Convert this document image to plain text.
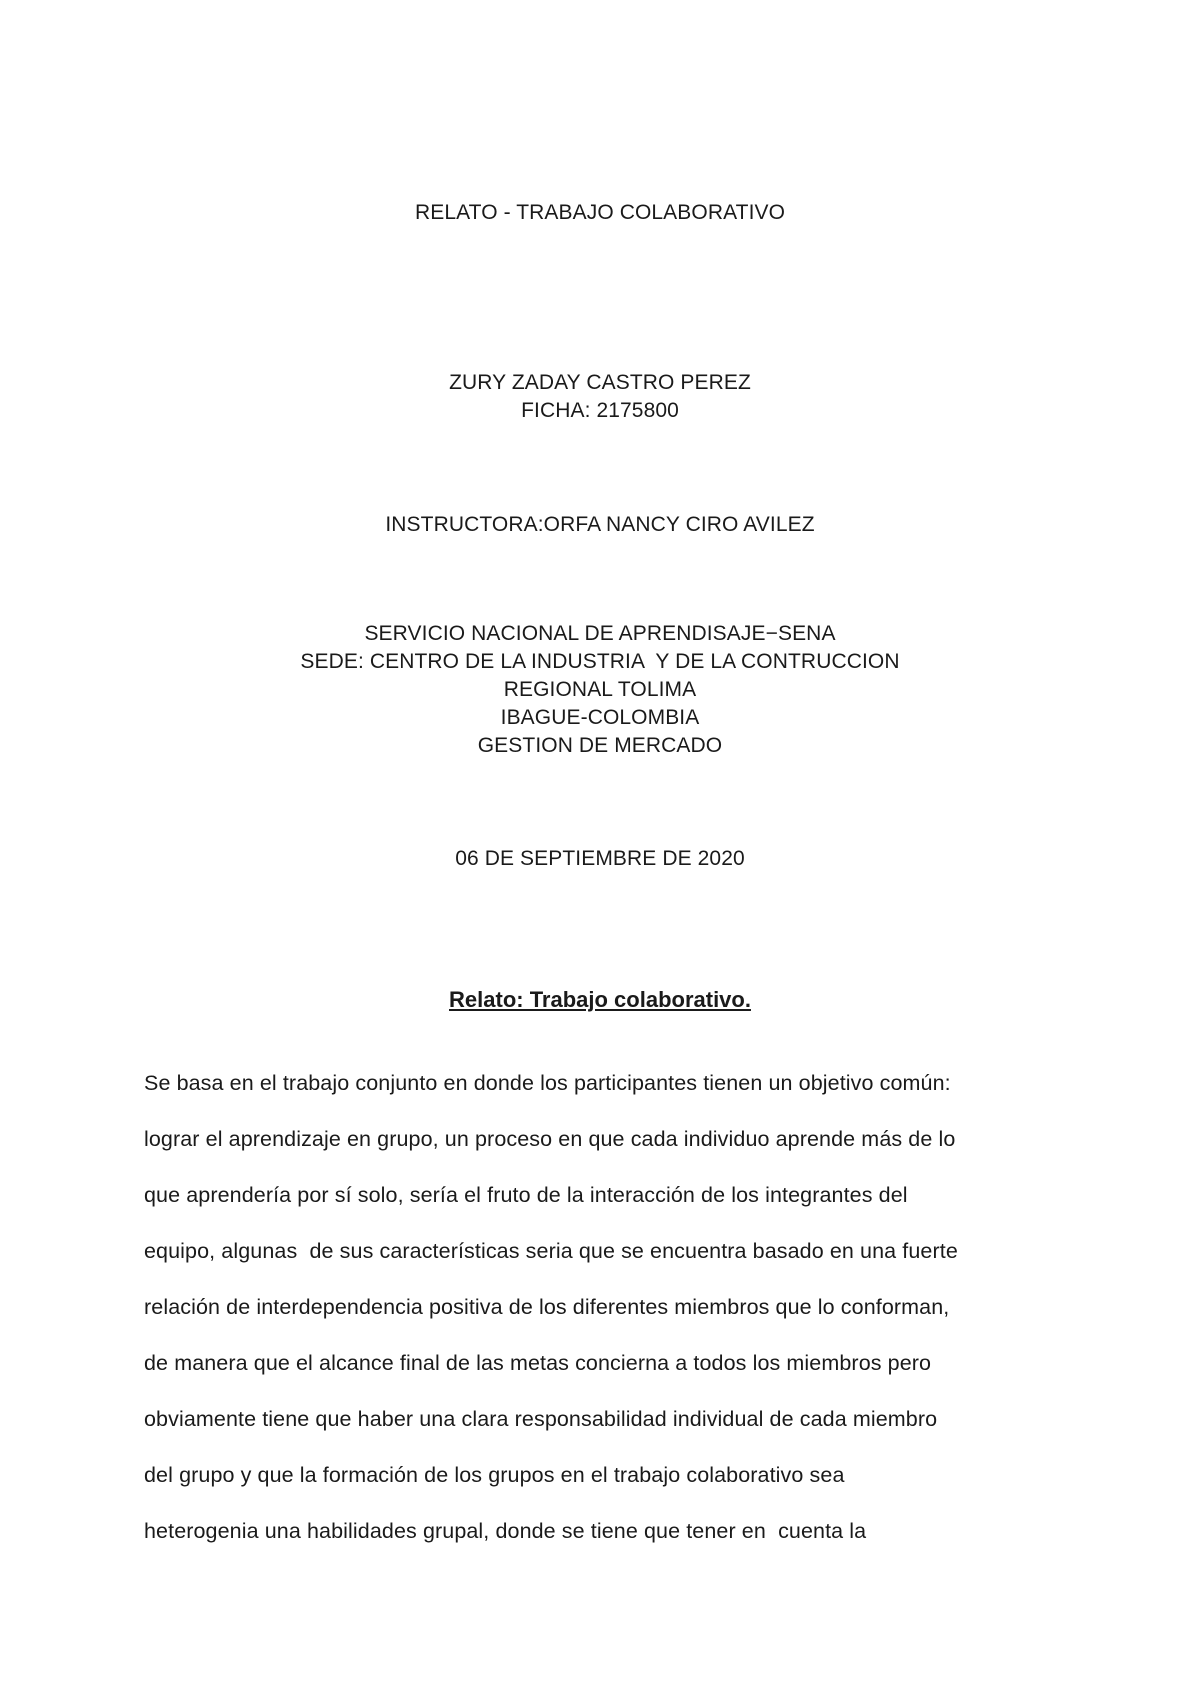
RELATO - TRABAJO COLABORATIVO
ZURY ZADAY CASTRO PEREZ
FICHA: 2175800
INSTRUCTORA:ORFA NANCY CIRO AVILEZ
SERVICIO NACIONAL DE APRENDISAJE−SENA
SEDE: CENTRO DE LA INDUSTRIA  Y DE LA CONTRUCCION
REGIONAL TOLIMA
IBAGUE-COLOMBIA
GESTION DE MERCADO
06 DE SEPTIEMBRE DE 2020
Relato: Trabajo colaborativo.
Se basa en el trabajo conjunto en donde los participantes tienen un objetivo común:
lograr el aprendizaje en grupo, un proceso en que cada individuo aprende más de lo
que aprendería por sí solo, sería el fruto de la interacción de los integrantes del
equipo, algunas  de sus características seria que se encuentra basado en una fuerte
relación de interdependencia positiva de los diferentes miembros que lo conforman,
de manera que el alcance final de las metas concierna a todos los miembros pero
obviamente tiene que haber una clara responsabilidad individual de cada miembro
del grupo y que la formación de los grupos en el trabajo colaborativo sea
heterogenia una habilidades grupal, donde se tiene que tener en  cuenta la
